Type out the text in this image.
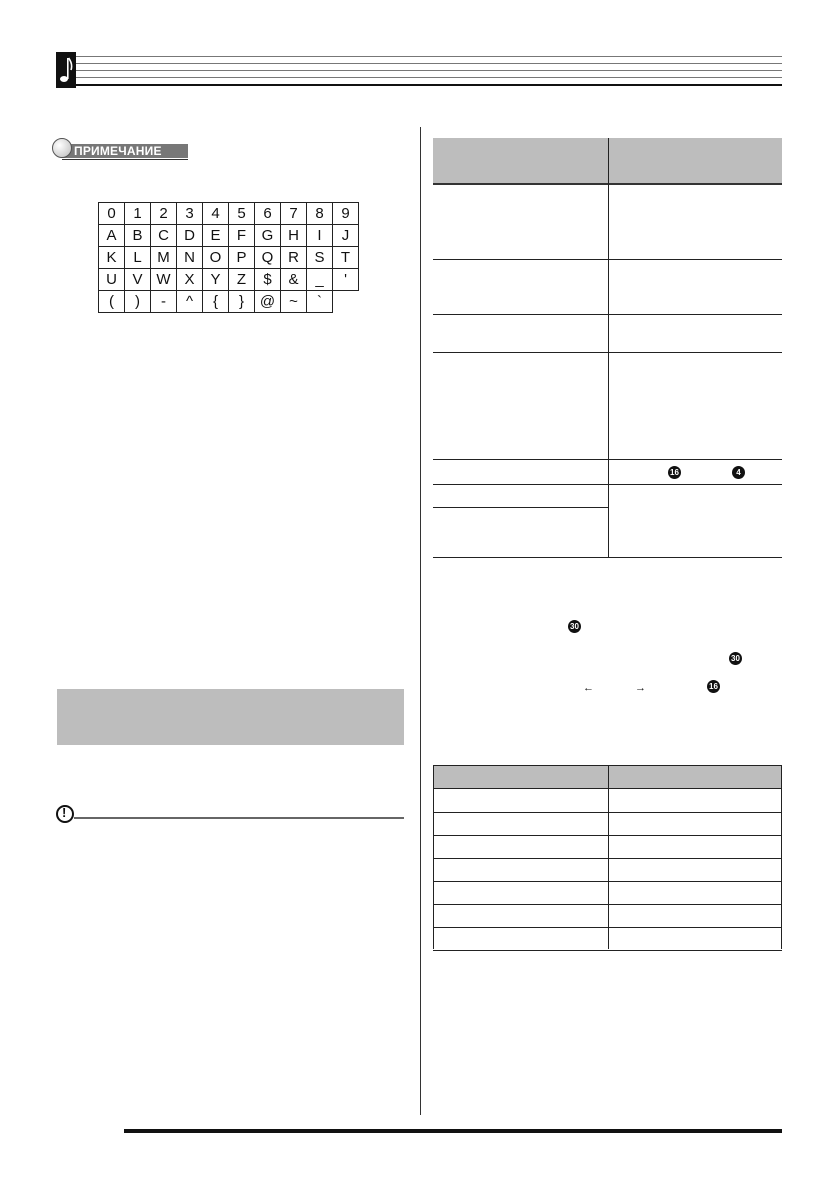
ПРИМЕЧАНИЕ
0	1	2	3	4	5	6	7	8	9
A	B	C	D	E	F	G	H	I	J
K	L	M	N	O	P	Q	R	S	T
U	V	W	X	Y	Z	$	&	_	'
(	)	-	^	{	}	@	~	`	
!
16	4
30
30
←	→	16
